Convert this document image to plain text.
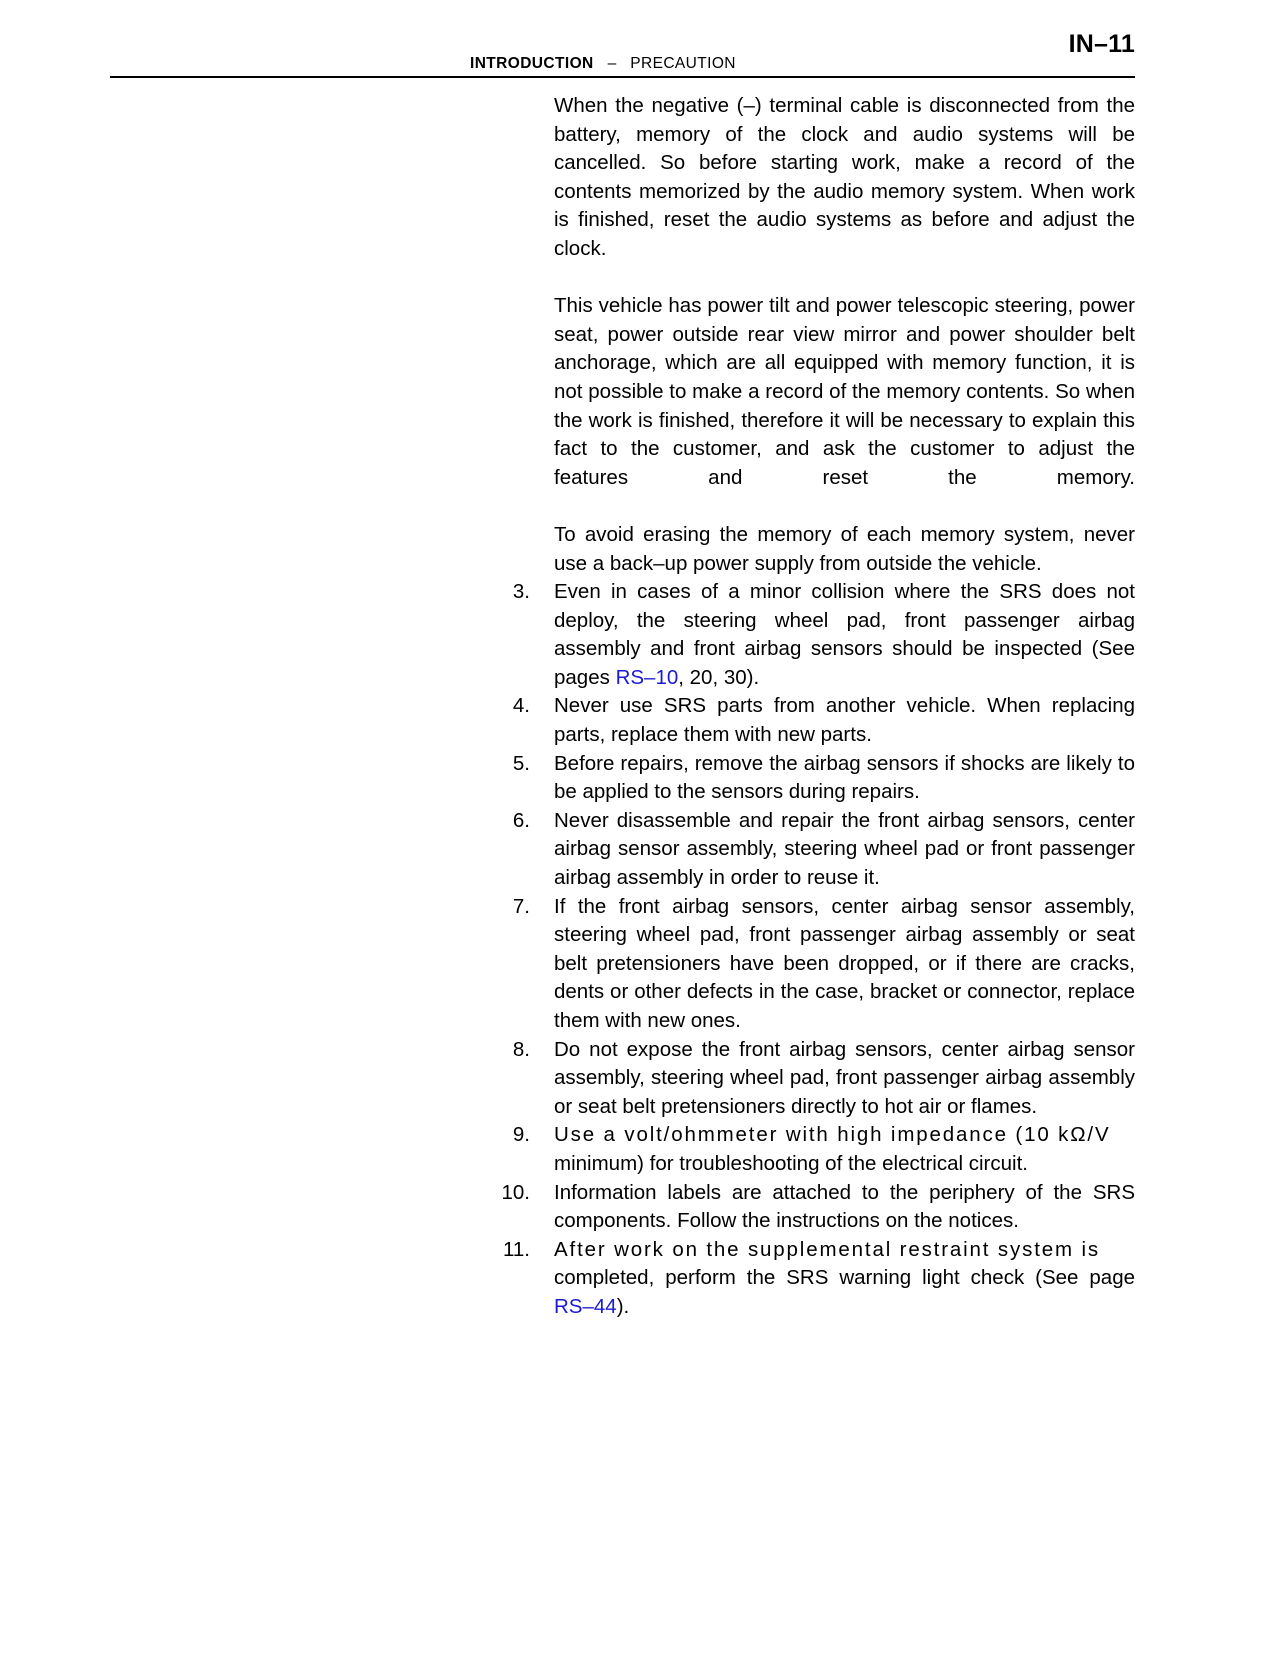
IN–11
INTRODUCTION – PRECAUTION

When the negative (–) terminal cable is disconnected from the battery, memory of the clock and audio systems will be cancelled. So before starting work, make a record of the contents memorized by the audio memory system. When work is finished, reset the audio systems as before and adjust the clock.

This vehicle has power tilt and power telescopic steering, power seat, power outside rear view mirror and power shoulder belt anchorage, which are all equipped with memory function, it is not possible to make a record of the memory contents. So when the work is finished, therefore it will be necessary to explain this fact to the customer, and ask the customer to adjust the features and reset the memory.

To avoid erasing the memory of each memory system, never use a back–up power supply from outside the vehicle.

3. Even in cases of a minor collision where the SRS does not deploy, the steering wheel pad, front passenger airbag assembly and front airbag sensors should be inspected (See pages RS–10, 20, 30).
4. Never use SRS parts from another vehicle. When replacing parts, replace them with new parts.
5. Before repairs, remove the airbag sensors if shocks are likely to be applied to the sensors during repairs.
6. Never disassemble and repair the front airbag sensors, center airbag sensor assembly, steering wheel pad or front passenger airbag assembly in order to reuse it.
7. If the front airbag sensors, center airbag sensor assembly, steering wheel pad, front passenger airbag assembly or seat belt pretensioners have been dropped, or if there are cracks, dents or other defects in the case, bracket or connector, replace them with new ones.
8. Do not expose the front airbag sensors, center airbag sensor assembly, steering wheel pad, front passenger airbag assembly or seat belt pretensioners directly to hot air or flames.
9. Use a volt/ohmmeter with high impedance (10 kΩ/V
minimum) for troubleshooting of the electrical circuit.
10. Information labels are attached to the periphery of the SRS components. Follow the instructions on the notices.
11. After work on the supplemental restraint system is
completed, perform the SRS warning light check (See page RS–44).
